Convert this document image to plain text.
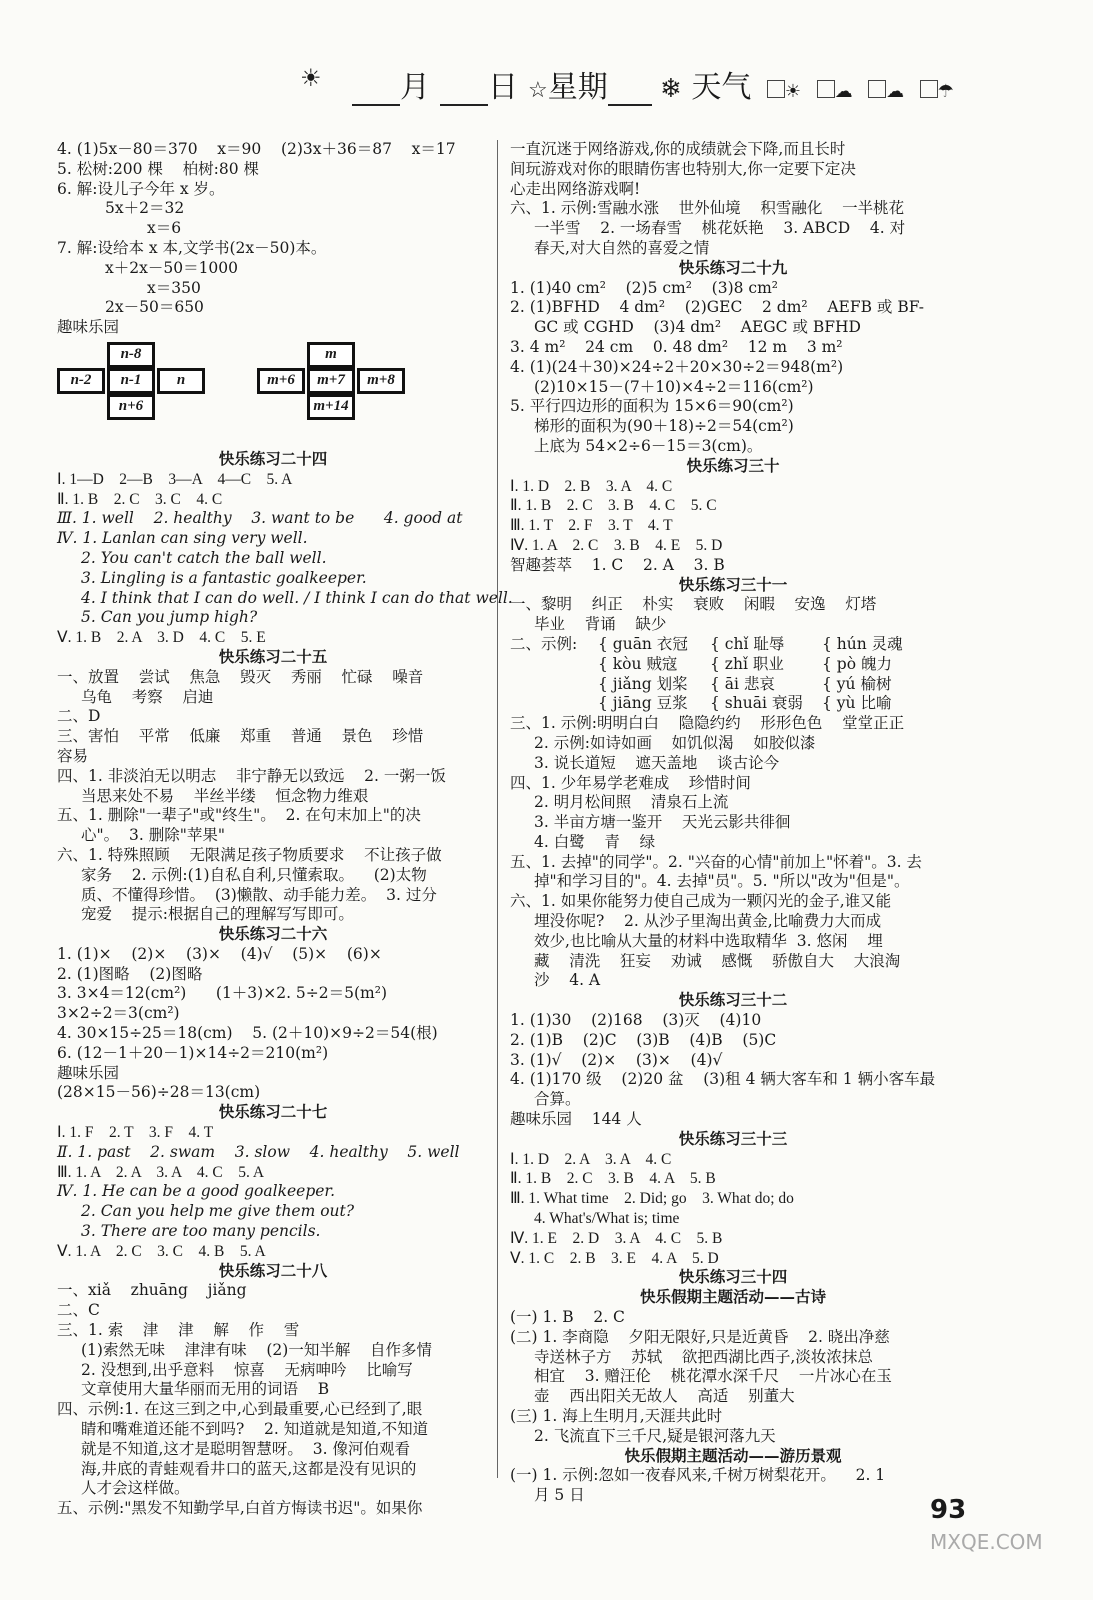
☀	月	日 ☆星期	❄ 天气 ☀ ☁ ☁ ☂
4. (1)5x－80＝370    x＝90    (2)3x＋36＝87    x＝17
5. 松树:200 棵    柏树:80 棵
6. 解:设儿子今年 x 岁。
5x＋2＝32
x＝6
7. 解:设给本 x 本,文学书(2x－50)本。
x＋2x－50＝1000
x＝350
2x－50＝650
趣味乐园
n-8
n-2	n-1	n
n+6
m
m+6	m+7	m+8
m+14
快乐练习二十四
Ⅰ. 1—D    2—B    3—A    4—C    5. A
Ⅱ. 1. B    2. C    3. C    4. C
Ⅲ. 1. well    2. healthy    3. want to be      4. good at
Ⅳ. 1. Lanlan can sing very well.
2. You can't catch the ball well.
3. Lingling is a fantastic goalkeeper.
4. I think that I can do well. / I think I can do that well.
5. Can you jump high?
Ⅴ. 1. B    2. A    3. D    4. C    5. E
快乐练习二十五
一、放置    尝试    焦急    毁灭    秀丽    忙碌    噪音
乌龟    考察    启迪
二、D
三、害怕    平常    低廉    郑重    普通    景色    珍惜
容易
四、1. 非淡泊无以明志    非宁静无以致远    2. 一粥一饭
当思来处不易    半丝半缕    恒念物力维艰
五、1. 删除"一辈子"或"终生"。  2. 在句末加上"的决
心"。  3. 删除"苹果"
六、1. 特殊照顾    无限满足孩子物质要求    不让孩子做
家务    2. 示例:(1)自私自利,只懂索取。    (2)太物
质、不懂得珍惜。  (3)懒散、动手能力差。  3. 过分
宠爱    提示:根据自己的理解写写即可。
快乐练习二十六
1. (1)×    (2)×    (3)×    (4)√    (5)×    (6)×
2. (1)图略    (2)图略
3. 3×4＝12(cm²)      (1＋3)×2. 5÷2＝5(m²)
3×2÷2＝3(cm²)
4. 30×15÷25＝18(cm)    5. (2＋10)×9÷2＝54(根)
6. (12－1＋20－1)×14÷2＝210(m²)
趣味乐园
(28×15－56)÷28＝13(cm)
快乐练习二十七
Ⅰ. 1. F    2. T    3. F    4. T
Ⅱ. 1. past    2. swam    3. slow    4. healthy    5. well
Ⅲ. 1. A    2. A    3. A    4. C    5. A
Ⅳ. 1. He can be a good goalkeeper.
2. Can you help me give them out?
3. There are too many pencils.
Ⅴ. 1. A    2. C    3. C    4. B    5. A
快乐练习二十八
一、xiǎ    zhuāng    jiǎng
二、C
三、1. 索    津    津    解    作    雪
(1)索然无味    津津有味    (2)一知半解    自作多情
2. 没想到,出乎意料    惊喜    无病呻吟    比喻写
文章使用大量华丽而无用的词语    B
四、示例:1. 在这三到之中,心到最重要,心已经到了,眼
睛和嘴难道还能不到吗?    2. 知道就是知道,不知道
就是不知道,这才是聪明智慧呀。  3. 像河伯观看
海,井底的青蛙观看井口的蓝天,这都是没有见识的
人才会这样做。
五、示例:"黑发不知勤学早,白首方悔读书迟"。如果你
一直沉迷于网络游戏,你的成绩就会下降,而且长时
间玩游戏对你的眼睛伤害也特别大,你一定要下定决
心走出网络游戏啊!
六、1. 示例:雪融水涨    世外仙境    积雪融化    一半桃花
一半雪    2. 一场春雪    桃花妖艳    3. ABCD    4. 对
春天,对大自然的喜爱之情
快乐练习二十九
1. (1)40 cm²    (2)5 cm²    (3)8 cm²
2. (1)BFHD    4 dm²    (2)GEC    2 dm²    AEFB 或 BF-
GC 或 CGHD    (3)4 dm²    AEGC 或 BFHD
3. 4 m²    24 cm    0. 48 dm²    12 m    3 m²
4. (1)(24＋30)×24÷2＋20×30÷2＝948(m²)
(2)10×15－(7＋10)×4÷2＝116(cm²)
5. 平行四边形的面积为 15×6＝90(cm²)
梯形的面积为(90＋18)÷2＝54(cm²)
上底为 54×2÷6－15＝3(cm)。
快乐练习三十
Ⅰ. 1. D    2. B    3. A    4. C
Ⅱ. 1. B    2. C    3. B    4. C    5. C
Ⅲ. 1. T    2. F    3. T    4. T
Ⅳ. 1. A    2. C    3. B    4. E    5. D
智趣荟萃    1. C    2. A    3. B
快乐练习三十一
一、黎明    纠正    朴实    衰败    闲暇    安逸    灯塔
毕业    背诵    缺少
二、示例: { guān 衣冠 { chǐ 耻辱 { hún 灵魂
{ kòu 贼寇 { zhǐ 职业 { pò 魄力
{ jiǎng 划桨 { āi 悲哀	{ yú 榆树
{ jiāng 豆浆 { shuāi 衰弱 { yù 比喻
三、1. 示例:明明白白    隐隐约约    形形色色    堂堂正正
2. 示例:如诗如画    如饥似渴    如胶似漆
3. 说长道短    遮天盖地    谈古论今
四、1. 少年易学老难成    珍惜时间
2. 明月松间照    清泉石上流
3. 半亩方塘一鉴开    天光云影共徘徊
4. 白鹭    青    绿
五、1. 去掉"的同学"。2. "兴奋的心情"前加上"怀着"。3. 去
掉"和学习目的"。4. 去掉"员"。5. "所以"改为"但是"。
六、1. 如果你能努力使自己成为一颗闪光的金子,谁又能
埋没你呢?    2. 从沙子里淘出黄金,比喻费力大而成
效少,也比喻从大量的材料中选取精华  3. 悠闲    埋
藏    清洗    狂妄    劝诫    感慨    骄傲自大    大浪淘
沙    4. A
快乐练习三十二
1. (1)30    (2)168    (3)灭    (4)10
2. (1)B    (2)C    (3)B    (4)B    (5)C
3. (1)√    (2)×    (3)×    (4)√
4. (1)170 级    (2)20 盆    (3)租 4 辆大客车和 1 辆小客车最
合算。
趣味乐园    144 人
快乐练习三十三
Ⅰ. 1. D    2. A    3. A    4. C
Ⅱ. 1. B    2. C    3. B    4. A    5. B
Ⅲ. 1. What time    2. Did; go    3. What do; do
4. What's/What is; time
Ⅳ. 1. E    2. D    3. A    4. C    5. B
Ⅴ. 1. C    2. B    3. E    4. A    5. D
快乐练习三十四
快乐假期主题活动——古诗
(一) 1. B    2. C
(二) 1. 李商隐    夕阳无限好,只是近黄昏    2. 晓出净慈
寺送林子方    苏轼    欲把西湖比西子,淡妆浓抹总
相宜    3. 赠汪伦    桃花潭水深千尺    一片冰心在玉
壶    西出阳关无故人    高适    别董大
(三) 1. 海上生明月,天涯共此时
2. 飞流直下三千尺,疑是银河落九天
快乐假期主题活动——游历景观
(一) 1. 示例:忽如一夜春风来,千树万树梨花开。    2. 1
月 5 日	93
MXQE.COM
